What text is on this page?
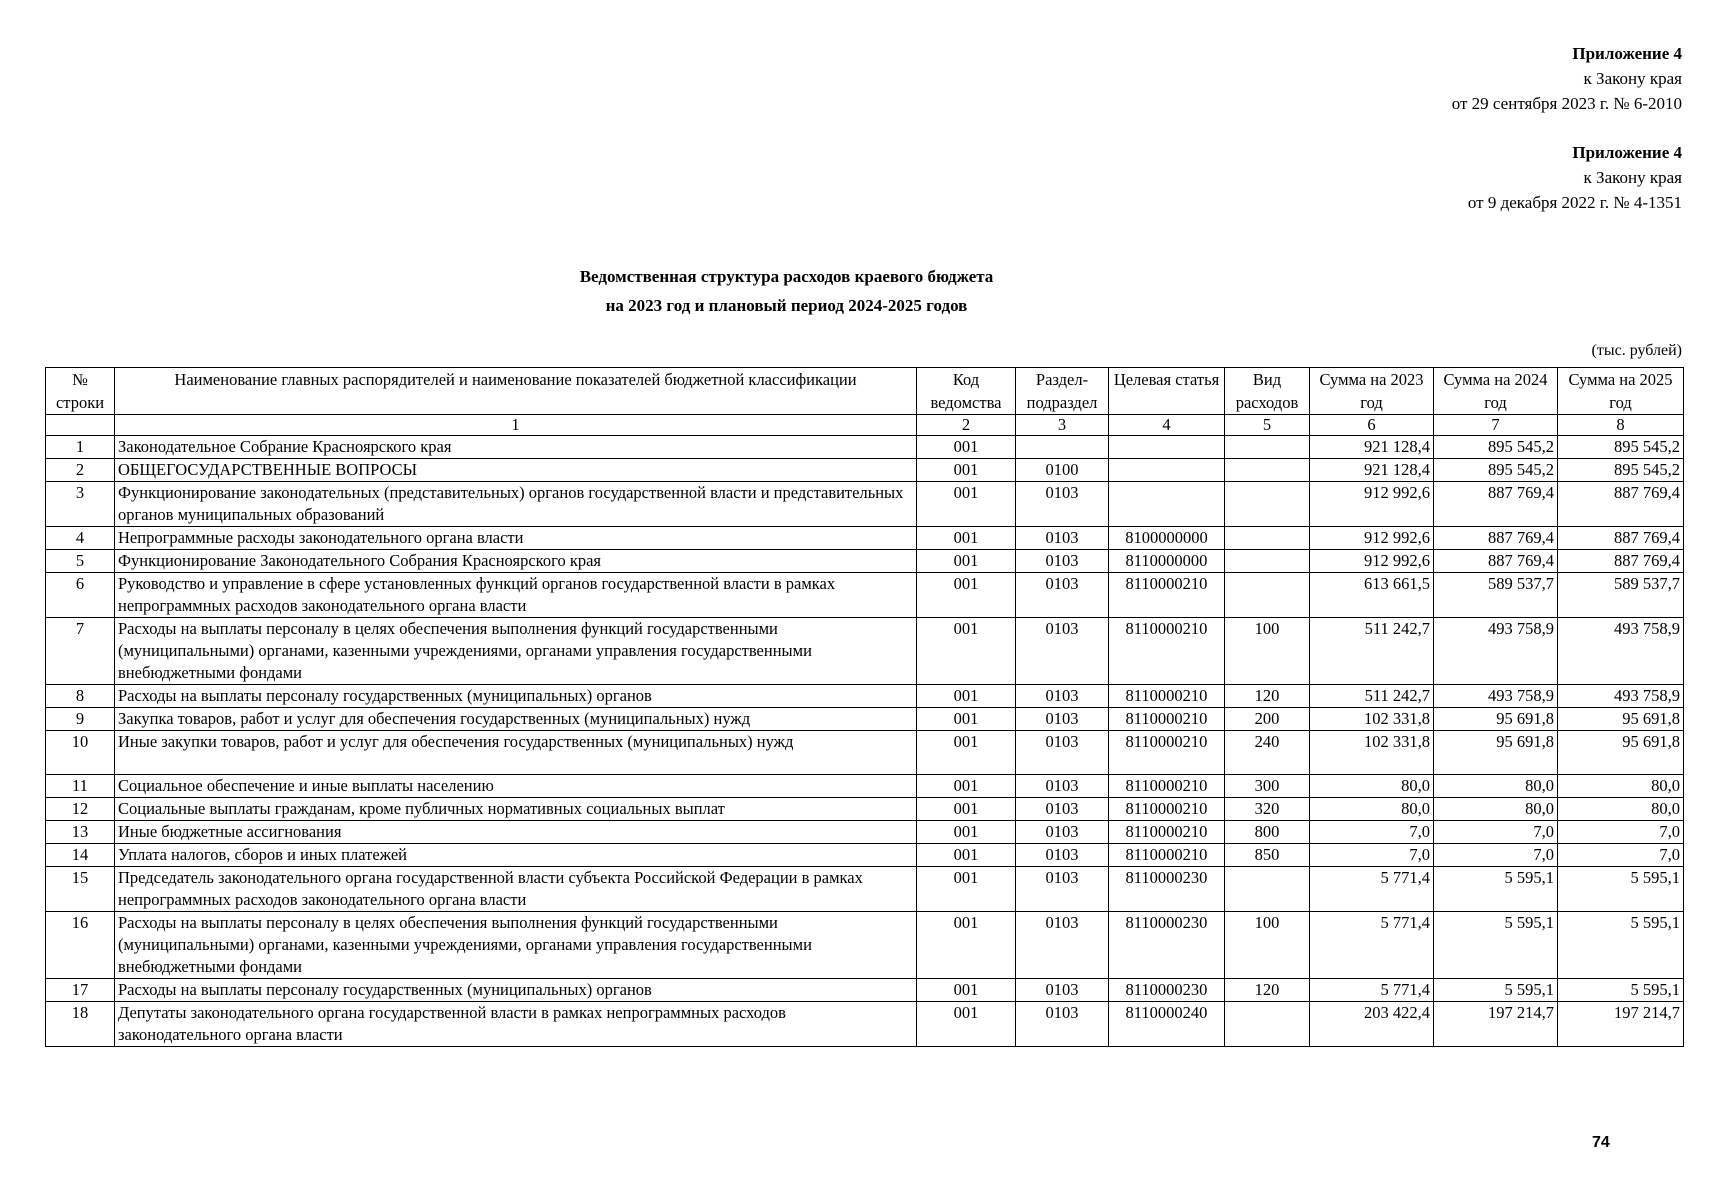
Приложение 4
к Закону края
от 29 сентября 2023 г. № 6-2010
Приложение 4
к Закону края
от 9 декабря 2022 г. № 4-1351
Ведомственная структура расходов краевого бюджета
на 2023 год и плановый период 2024-2025 годов
(тыс. рублей)
№ строки	Наименование главных распорядителей и наименование показателей бюджетной классификации	Код ведомства	Раздел-подраздел	Целевая статья	Вид расходов	Сумма на 2023 год	Сумма на 2024 год	Сумма на 2025 год
	1	2	3	4	5	6	7	8
1	Законодательное Собрание Красноярского края	001				921 128,4	895 545,2	895 545,2
2	ОБЩЕГОСУДАРСТВЕННЫЕ ВОПРОСЫ	001	0100			921 128,4	895 545,2	895 545,2
3	Функционирование законодательных (представительных) органов государственной власти и представительных органов муниципальных образований	001	0103			912 992,6	887 769,4	887 769,4
4	Непрограммные расходы законодательного органа власти	001	0103	8100000000		912 992,6	887 769,4	887 769,4
5	Функционирование Законодательного Собрания Красноярского края	001	0103	8110000000		912 992,6	887 769,4	887 769,4
6	Руководство и управление в сфере установленных функций органов государственной власти в рамках непрограммных расходов законодательного органа власти	001	0103	8110000210		613 661,5	589 537,7	589 537,7
7	Расходы на выплаты персоналу в целях обеспечения выполнения функций государственными (муниципальными) органами, казенными учреждениями, органами управления государственными внебюджетными фондами	001	0103	8110000210	100	511 242,7	493 758,9	493 758,9
8	Расходы на выплаты персоналу государственных (муниципальных) органов	001	0103	8110000210	120	511 242,7	493 758,9	493 758,9
9	Закупка товаров, работ и услуг для обеспечения государственных (муниципальных) нужд	001	0103	8110000210	200	102 331,8	95 691,8	95 691,8
10	Иные закупки товаров, работ и услуг для обеспечения государственных (муниципальных) нужд	001	0103	8110000210	240	102 331,8	95 691,8	95 691,8
11	Социальное обеспечение и иные выплаты населению	001	0103	8110000210	300	80,0	80,0	80,0
12	Социальные выплаты гражданам, кроме публичных нормативных социальных выплат	001	0103	8110000210	320	80,0	80,0	80,0
13	Иные бюджетные ассигнования	001	0103	8110000210	800	7,0	7,0	7,0
14	Уплата налогов, сборов и иных платежей	001	0103	8110000210	850	7,0	7,0	7,0
15	Председатель законодательного органа государственной власти субъекта Российской Федерации в рамках непрограммных расходов законодательного органа власти	001	0103	8110000230		5 771,4	5 595,1	5 595,1
16	Расходы на выплаты персоналу в целях обеспечения выполнения функций государственными (муниципальными) органами, казенными учреждениями, органами управления государственными внебюджетными фондами	001	0103	8110000230	100	5 771,4	5 595,1	5 595,1
17	Расходы на выплаты персоналу государственных (муниципальных) органов	001	0103	8110000230	120	5 771,4	5 595,1	5 595,1
18	Депутаты законодательного органа государственной власти в рамках непрограммных расходов законодательного органа власти	001	0103	8110000240		203 422,4	197 214,7	197 214,7
74
